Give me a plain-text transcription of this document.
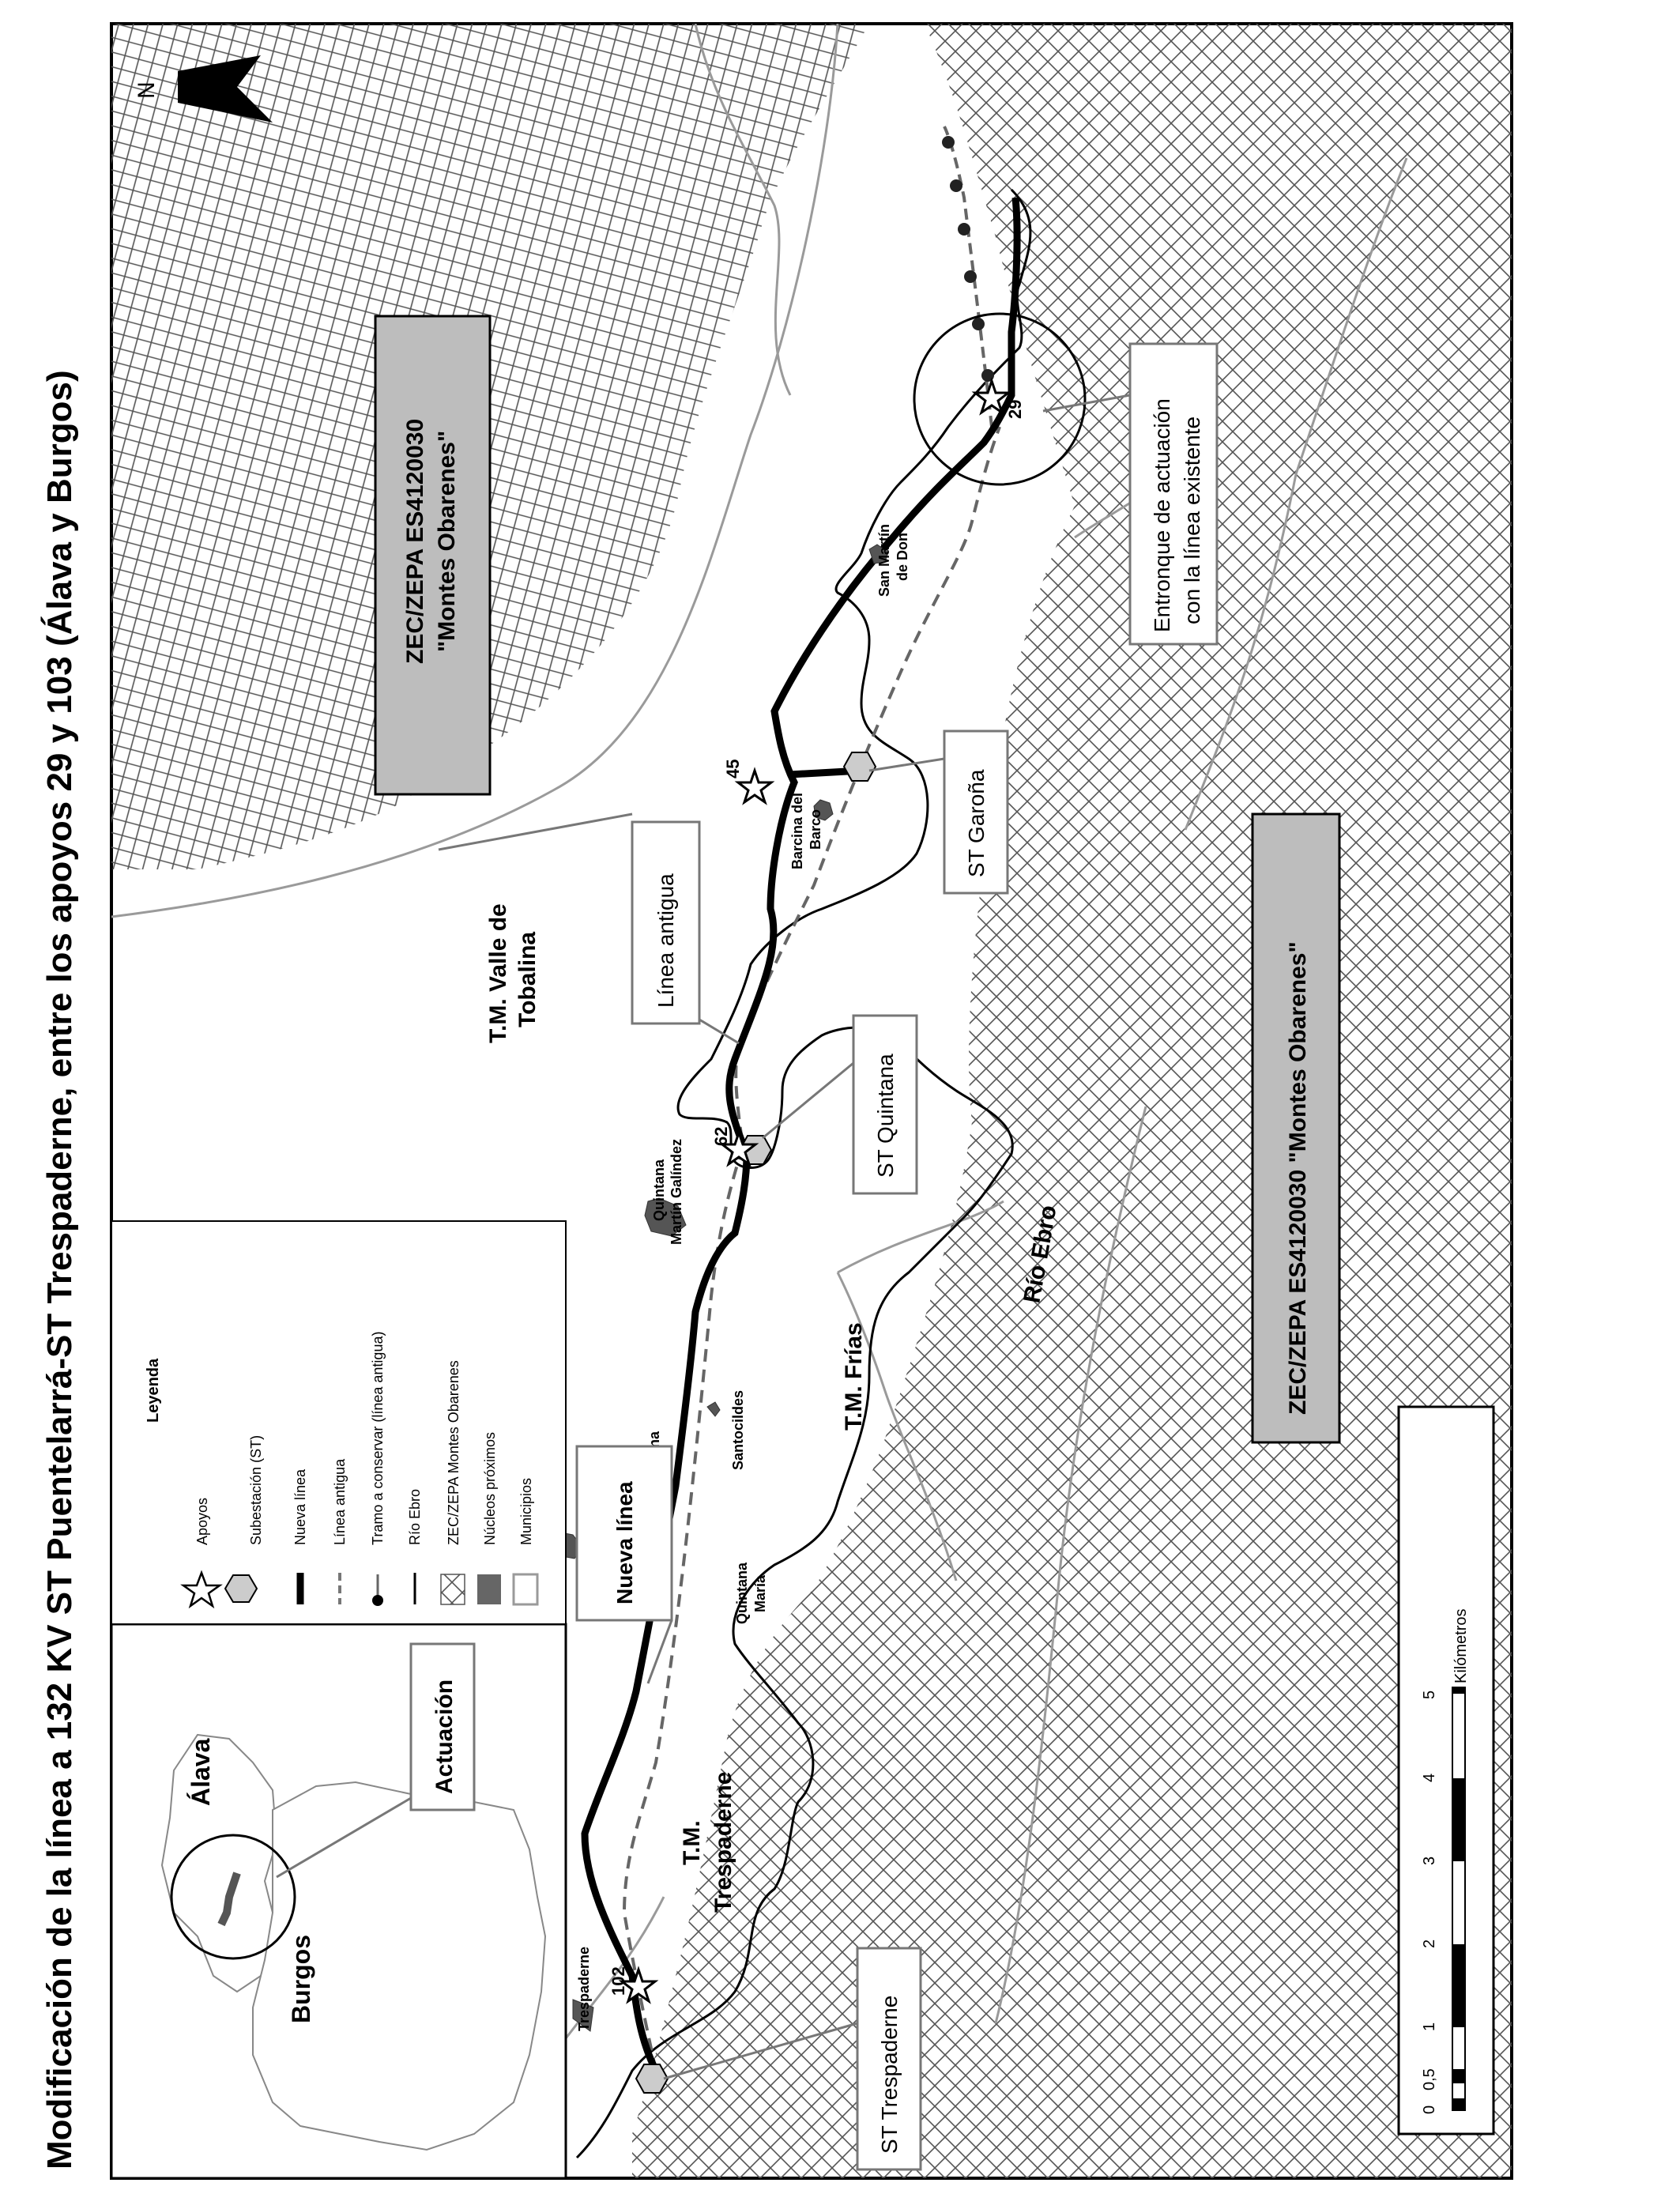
Modificación de la línea a 132 KV ST Puentelarrá-ST Trespaderne, entre los apoyos 29 y 103 (Álava y Burgos)	29
45
62
102
T.M. Valle de Tobalina
T.M. Frías
T.M. Trespaderne
Río Ebro
San Martín de Don
Barcina del Barco
Quintana Martín Galíndez
Santocildes
Quintana María
Trespaderne
ZEC/ZEPA ES4120030 "Montes Obarenes"
ZEC/ZEPA ES4120030 "Montes Obarenes"
Entronque de actuación con la línea existente
ST Garoña
ST Quintana
ST Trespaderne
Línea antigua
Nueva línea
N
Álava
Burgos
Actuación
Leyenda
Apoyos	Subestación (ST) Nueva línea Línea antigua Tramo a conservar (línea antigua) Río Ebro ZEC/ZEPA Montes Obarenes Núcleos próximos Municipios
0
0,5
1
2
3
4
5
Kilómetros
